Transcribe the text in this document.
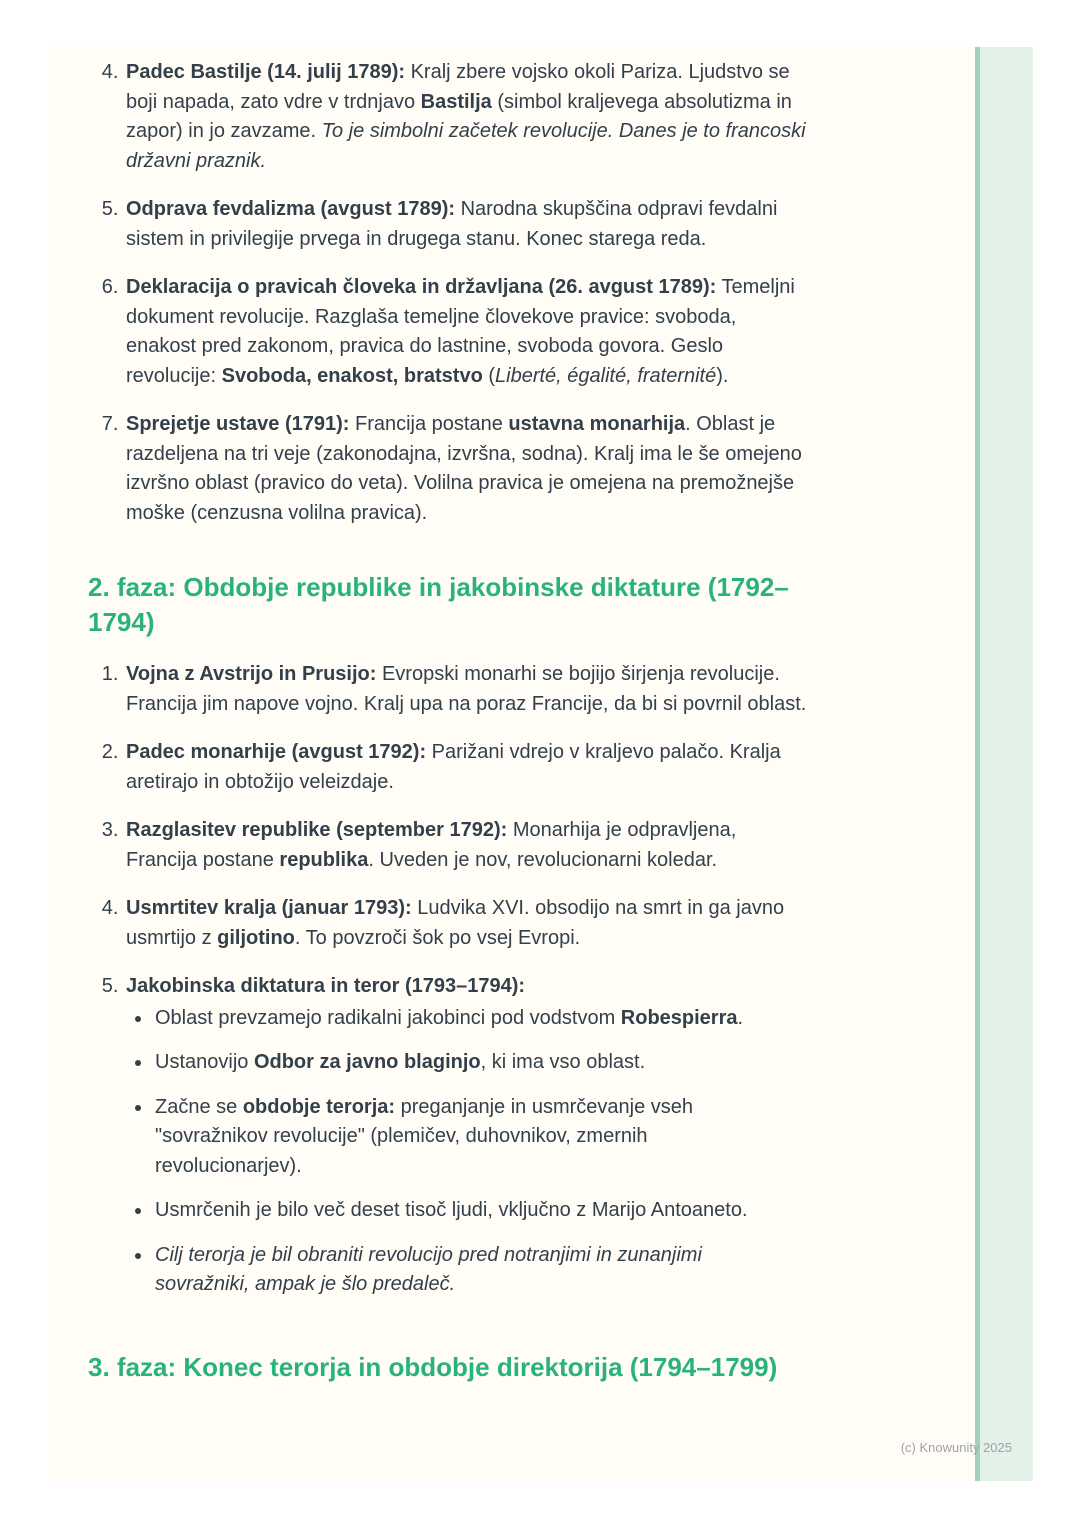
4. Padec Bastilje (14. julij 1789): Kralj zbere vojsko okoli Pariza. Ljudstvo se boji napada, zato vdre v trdnjavo Bastilja (simbol kraljevega absolutizma in zapor) in jo zavzame. To je simbolni začetek revolucije. Danes je to francoski državni praznik.
5. Odprava fevdalizma (avgust 1789): Narodna skupščina odpravi fevdalni sistem in privilegije prvega in drugega stanu. Konec starega reda.
6. Deklaracija o pravicah človeka in državljana (26. avgust 1789): Temeljni dokument revolucije. Razglaša temeljne človekove pravice: svoboda, enakost pred zakonom, pravica do lastnine, svoboda govora. Geslo revolucije: Svoboda, enakost, bratstvo (Liberté, égalité, fraternité).
7. Sprejetje ustave (1791): Francija postane ustavna monarhija. Oblast je razdeljena na tri veje (zakonodajna, izvršna, sodna). Kralj ima le še omejeno izvršno oblast (pravico do veta). Volilna pravica je omejena na premožnejše moške (cenzusna volilna pravica).
2. faza: Obdobje republike in jakobinske diktature (1792–1794)
1. Vojna z Avstrijo in Prusijo: Evropski monarhi se bojijo širjenja revolucije. Francija jim napove vojno. Kralj upa na poraz Francije, da bi si povrnil oblast.
2. Padec monarhije (avgust 1792): Parižani vdrejo v kraljevo palačo. Kralja aretirajo in obtožijo veleizdaje.
3. Razglasitev republike (september 1792): Monarhija je odpravljena, Francija postane republika. Uveden je nov, revolucionarni koledar.
4. Usmrtitev kralja (januar 1793): Ludvika XVI. obsodijo na smrt in ga javno usmrtijo z giljotino. To povzroči šok po vsej Evropi.
5. Jakobinska diktatura in teror (1793–1794):
• Oblast prevzamejo radikalni jakobinci pod vodstvom Robespierra.
• Ustanovijo Odbor za javno blaginjo, ki ima vso oblast.
• Začne se obdobje terorja: preganjanje in usmrčevanje vseh "sovražnikov revolucije" (plemičev, duhovnikov, zmernih revolucionarjev).
• Usmrčenih je bilo več deset tisoč ljudi, vključno z Marijo Antoaneto.
• Cilj terorja je bil obraniti revolucijo pred notranjimi in zunanjimi sovražniki, ampak je šlo predaleč.
3. faza: Konec terorja in obdobje direktorija (1794–1799)
(c) Knowunity 2025
